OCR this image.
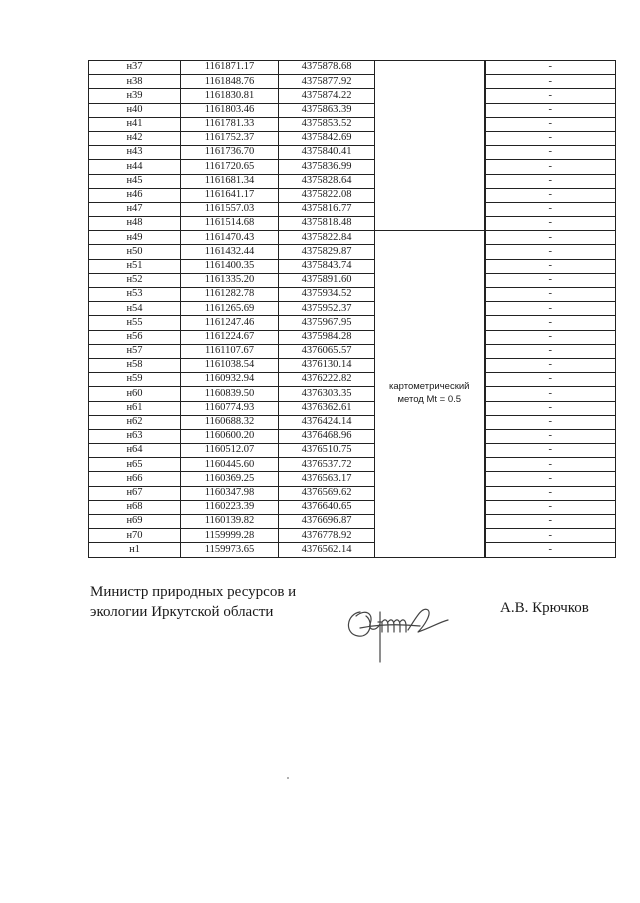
н37	1161871.17	4375878.68		-
н38	1161848.76	4375877.92		-
н39	1161830.81	4375874.22		-
н40	1161803.46	4375863.39		-
н41	1161781.33	4375853.52		-
н42	1161752.37	4375842.69		-
н43	1161736.70	4375840.41		-
н44	1161720.65	4375836.99		-
н45	1161681.34	4375828.64		-
н46	1161641.17	4375822.08		-
н47	1161557.03	4375816.77		-
н48	1161514.68	4375818.48		-
н49	1161470.43	4375822.84	картометрический метод Mt = 0.5	-
н50	1161432.44	4375829.87		-
н51	1161400.35	4375843.74		-
н52	1161335.20	4375891.60		-
н53	1161282.78	4375934.52		-
н54	1161265.69	4375952.37		-
н55	1161247.46	4375967.95		-
н56	1161224.67	4375984.28		-
н57	1161107.67	4376065.57		-
н58	1161038.54	4376130.14		-
н59	1160932.94	4376222.82		-
н60	1160839.50	4376303.35		-
н61	1160774.93	4376362.61		-
н62	1160688.32	4376424.14		-
н63	1160600.20	4376468.96		-
н64	1160512.07	4376510.75		-
н65	1160445.60	4376537.72		-
н66	1160369.25	4376563.17		-
н67	1160347.98	4376569.62		-
н68	1160223.39	4376640.65		-
н69	1160139.82	4376696.87		-
н70	1159999.28	4376778.92		-
н1	1159973.65	4376562.14		-
Министр природных ресурсов и
экологии Иркутской области	А.В. Крючков
